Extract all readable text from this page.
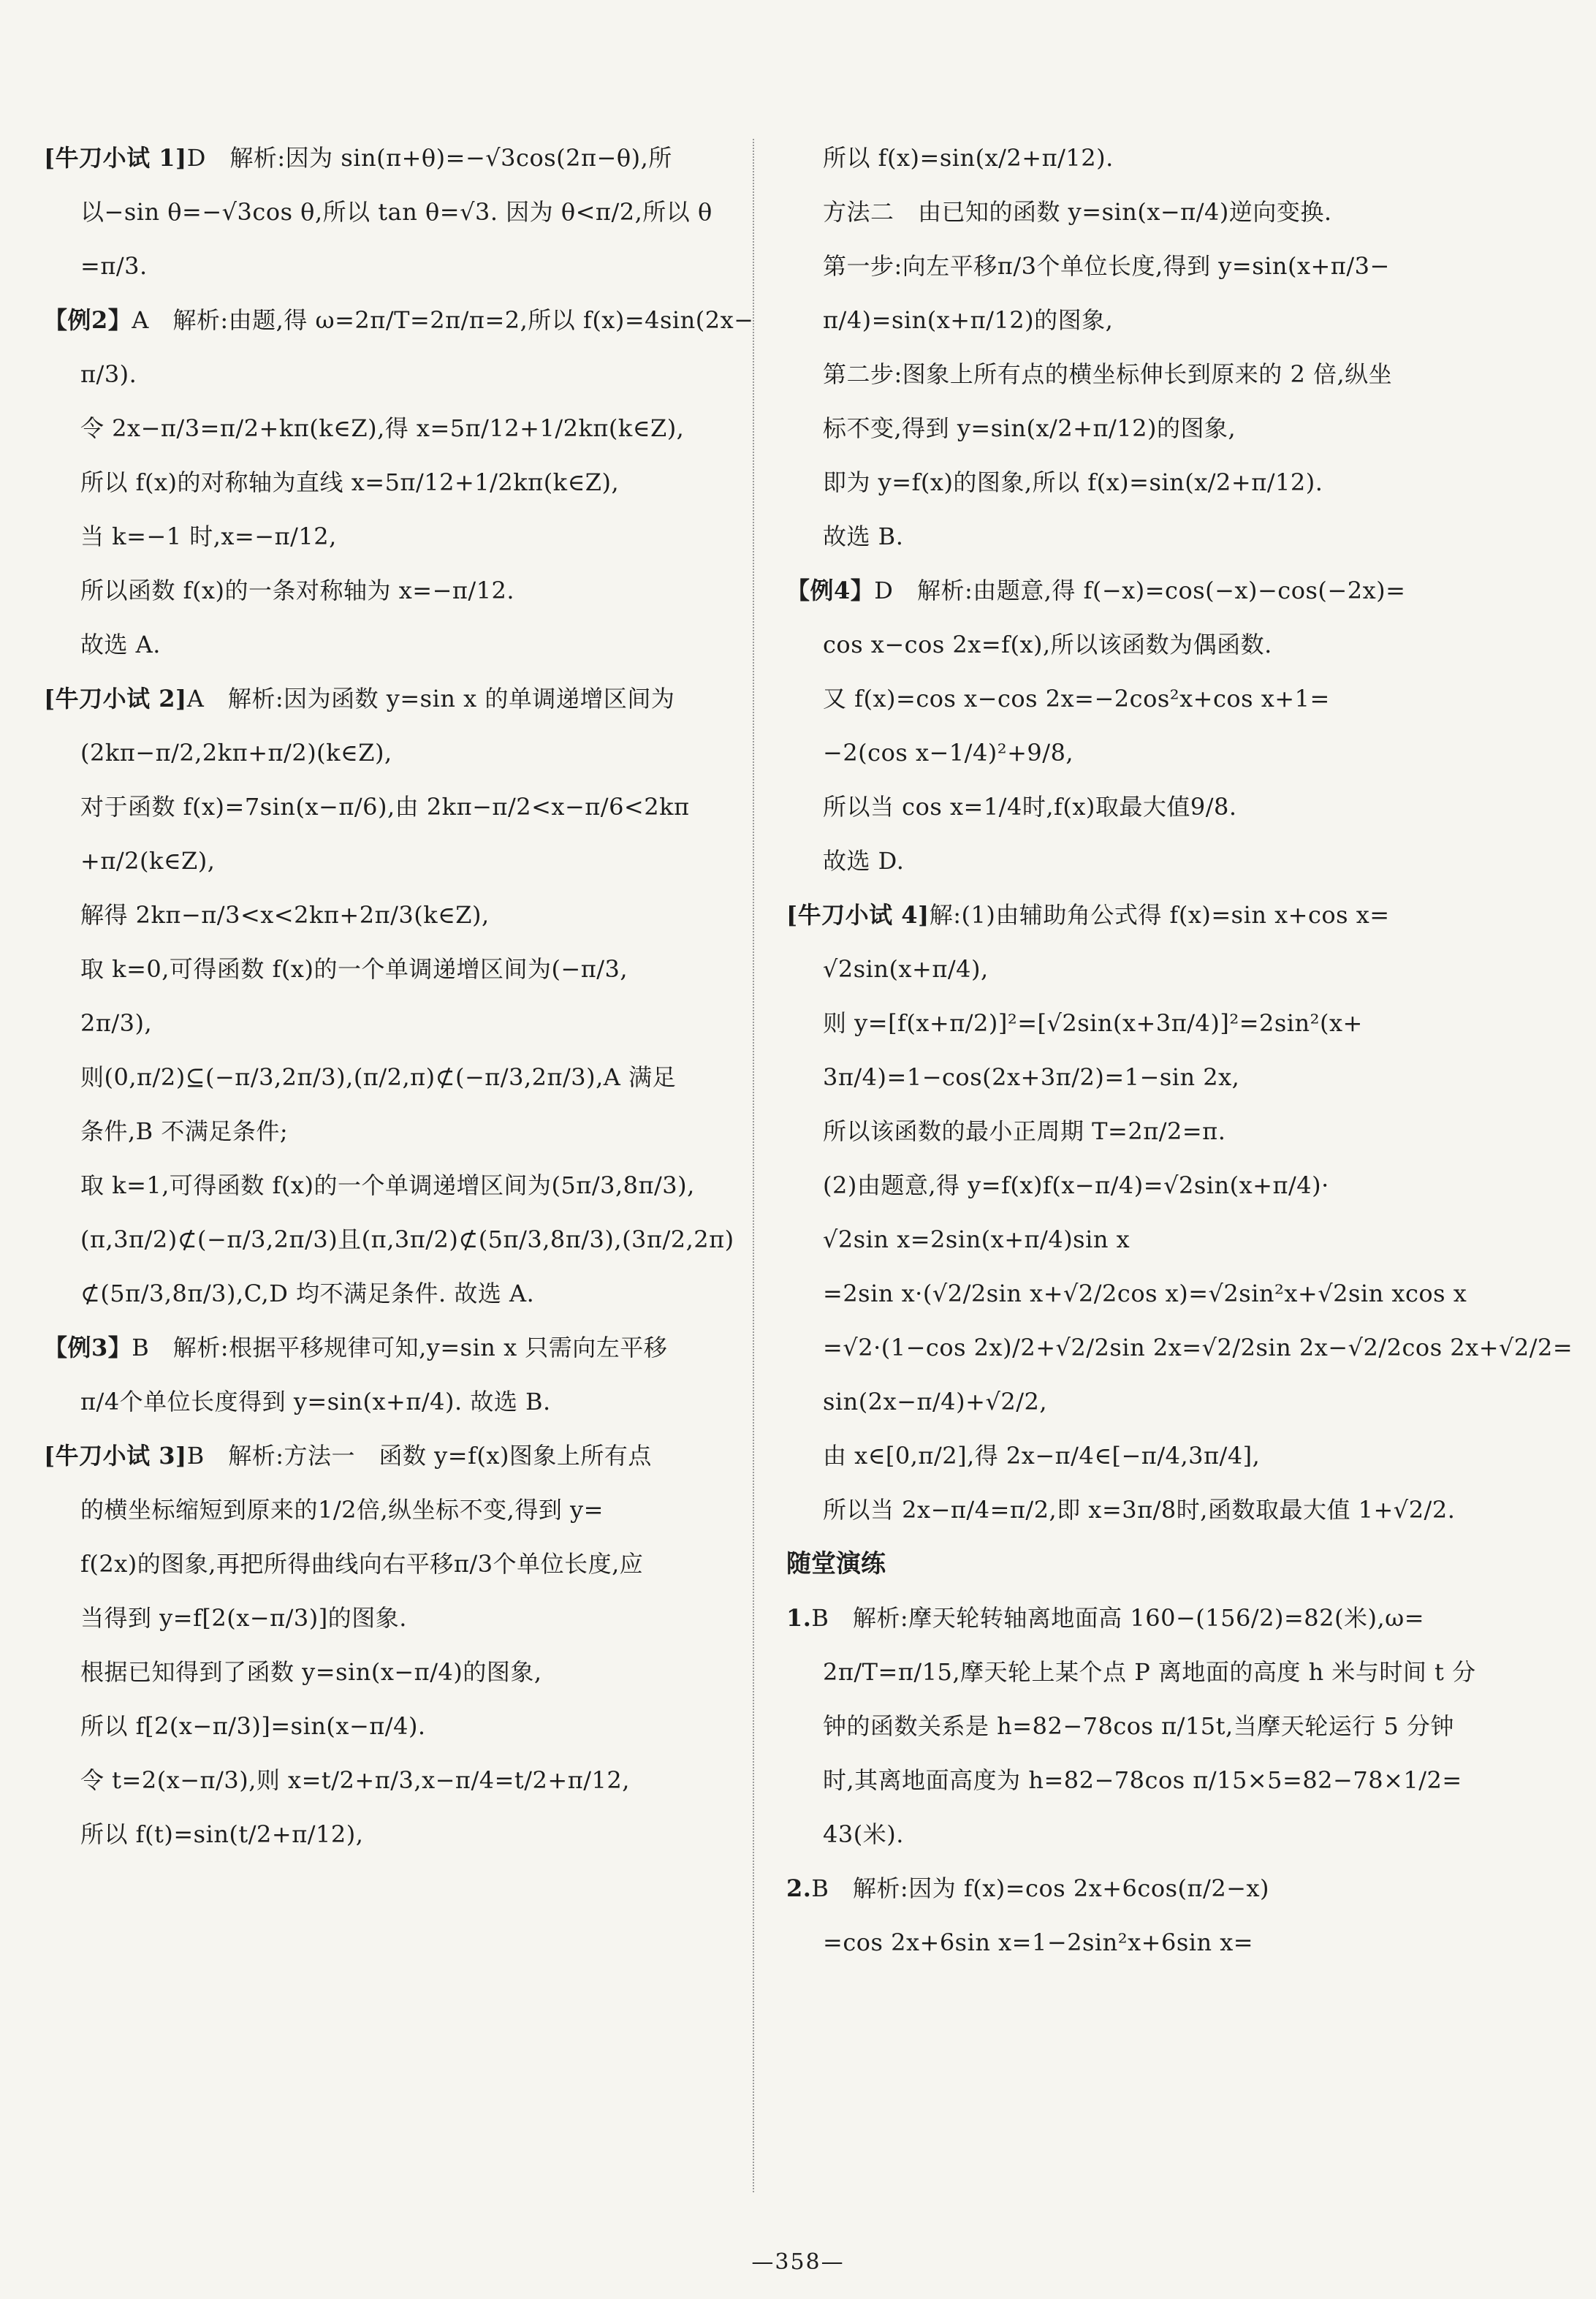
[牛刀小试 1]D　解析:因为 sin(π+θ)=−√3cos(2π−θ),所
以−sin θ=−√3cos θ,所以 tan θ=√3. 因为 θ<π/2,所以 θ
=π/3.
【例2】A　解析:由题,得 ω=2π/T=2π/π=2,所以 f(x)=4sin(2x−
π/3).
令 2x−π/3=π/2+kπ(k∈Z),得 x=5π/12+1/2kπ(k∈Z),
所以 f(x)的对称轴为直线 x=5π/12+1/2kπ(k∈Z),
当 k=−1 时,x=−π/12,
所以函数 f(x)的一条对称轴为 x=−π/12.
故选 A.
[牛刀小试 2]A　解析:因为函数 y=sin x 的单调递增区间为
(2kπ−π/2,2kπ+π/2)(k∈Z),
对于函数 f(x)=7sin(x−π/6),由 2kπ−π/2<x−π/6<2kπ
+π/2(k∈Z),
解得 2kπ−π/3<x<2kπ+2π/3(k∈Z),
取 k=0,可得函数 f(x)的一个单调递增区间为(−π/3,
2π/3),
则(0,π/2)⊆(−π/3,2π/3),(π/2,π)⊄(−π/3,2π/3),A 满足
条件,B 不满足条件;
取 k=1,可得函数 f(x)的一个单调递增区间为(5π/3,8π/3),
(π,3π/2)⊄(−π/3,2π/3)且(π,3π/2)⊄(5π/3,8π/3),(3π/2,2π)
⊄(5π/3,8π/3),C,D 均不满足条件. 故选 A.
【例3】B　解析:根据平移规律可知,y=sin x 只需向左平移
π/4个单位长度得到 y=sin(x+π/4). 故选 B.
[牛刀小试 3]B　解析:方法一　函数 y=f(x)图象上所有点
的横坐标缩短到原来的1/2倍,纵坐标不变,得到 y=
f(2x)的图象,再把所得曲线向右平移π/3个单位长度,应
当得到 y=f[2(x−π/3)]的图象.
根据已知得到了函数 y=sin(x−π/4)的图象,
所以 f[2(x−π/3)]=sin(x−π/4).
令 t=2(x−π/3),则 x=t/2+π/3,x−π/4=t/2+π/12,
所以 f(t)=sin(t/2+π/12),
所以 f(x)=sin(x/2+π/12).
方法二　由已知的函数 y=sin(x−π/4)逆向变换.
第一步:向左平移π/3个单位长度,得到 y=sin(x+π/3−
π/4)=sin(x+π/12)的图象,
第二步:图象上所有点的横坐标伸长到原来的 2 倍,纵坐
标不变,得到 y=sin(x/2+π/12)的图象,
即为 y=f(x)的图象,所以 f(x)=sin(x/2+π/12).
故选 B.
【例4】D　解析:由题意,得 f(−x)=cos(−x)−cos(−2x)=
cos x−cos 2x=f(x),所以该函数为偶函数.
又 f(x)=cos x−cos 2x=−2cos²x+cos x+1=
−2(cos x−1/4)²+9/8,
所以当 cos x=1/4时,f(x)取最大值9/8.
故选 D.
[牛刀小试 4]解:(1)由辅助角公式得 f(x)=sin x+cos x=
√2sin(x+π/4),
则 y=[f(x+π/2)]²=[√2sin(x+3π/4)]²=2sin²(x+
3π/4)=1−cos(2x+3π/2)=1−sin 2x,
所以该函数的最小正周期 T=2π/2=π.
(2)由题意,得 y=f(x)f(x−π/4)=√2sin(x+π/4)·
√2sin x=2sin(x+π/4)sin x
=2sin x·(√2/2sin x+√2/2cos x)=√2sin²x+√2sin xcos x
=√2·(1−cos 2x)/2+√2/2sin 2x=√2/2sin 2x−√2/2cos 2x+√2/2=
sin(2x−π/4)+√2/2,
由 x∈[0,π/2],得 2x−π/4∈[−π/4,3π/4],
所以当 2x−π/4=π/2,即 x=3π/8时,函数取最大值 1+√2/2.
随堂演练
1.B　解析:摩天轮转轴离地面高 160−(156/2)=82(米),ω=
2π/T=π/15,摩天轮上某个点 P 离地面的高度 h 米与时间 t 分
钟的函数关系是 h=82−78cos π/15t,当摩天轮运行 5 分钟
时,其离地面高度为 h=82−78cos π/15×5=82−78×1/2=
43(米).
2.B　解析:因为 f(x)=cos 2x+6cos(π/2−x)
=cos 2x+6sin x=1−2sin²x+6sin x=
—358—
